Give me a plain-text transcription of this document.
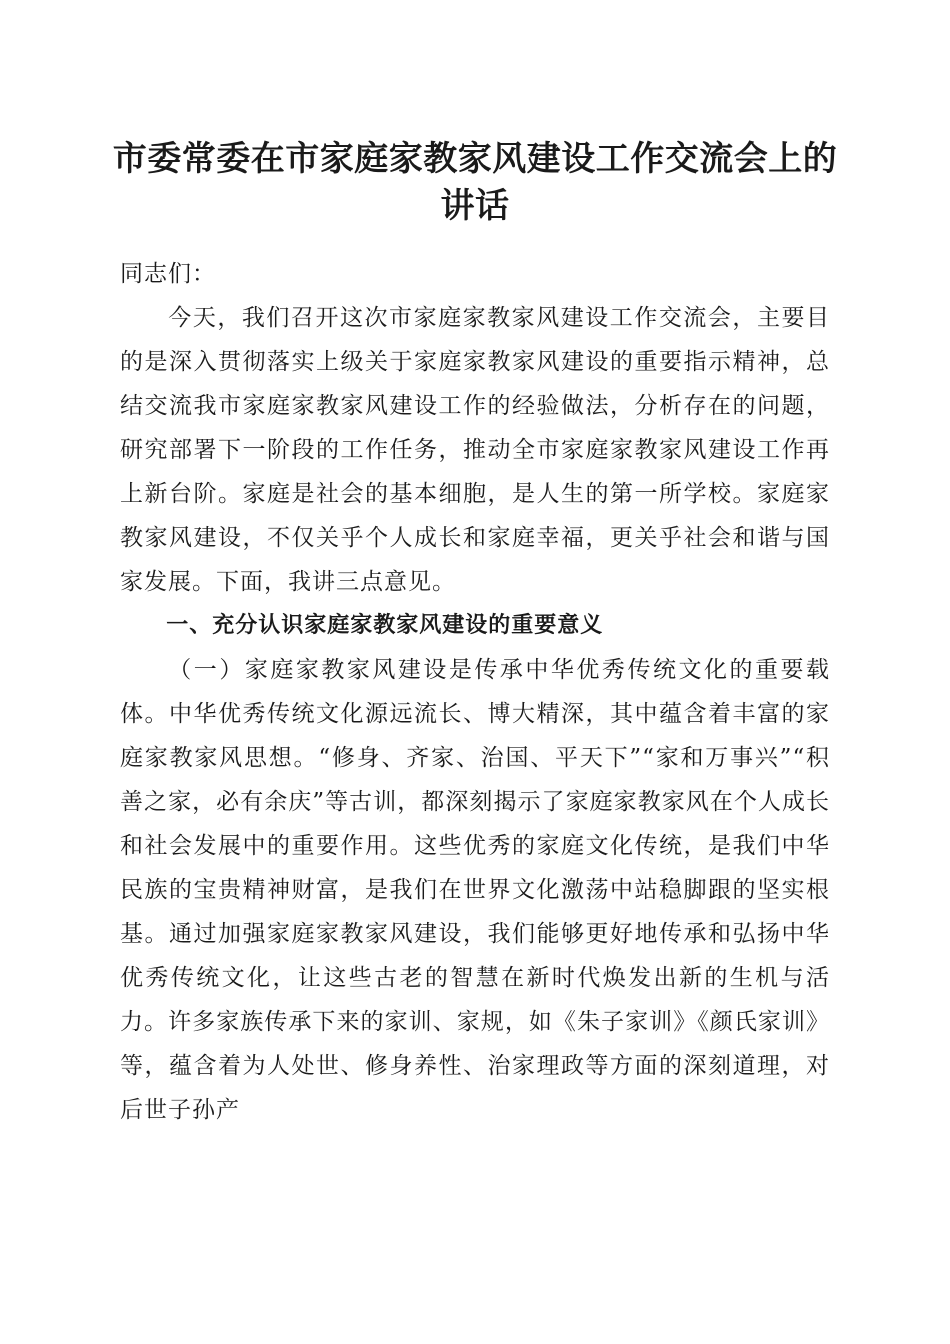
市委常委在市家庭家教家风建设工作交流会上的讲话

同志们：

今天，我们召开这次市家庭家教家风建设工作交流会，主要目的是深入贯彻落实上级关于家庭家教家风建设的重要指示精神，总结交流我市家庭家教家风建设工作的经验做法，分析存在的问题，研究部署下一阶段的工作任务，推动全市家庭家教家风建设工作再上新台阶。家庭是社会的基本细胞，是人生的第一所学校。家庭家教家风建设，不仅关乎个人成长和家庭幸福，更关乎社会和谐与国家发展。下面，我讲三点意见。

一、充分认识家庭家教家风建设的重要意义

（一）家庭家教家风建设是传承中华优秀传统文化的重要载体。中华优秀传统文化源远流长、博大精深，其中蕴含着丰富的家庭家教家风思想。“修身、齐家、治国、平天下”“家和万事兴”“积善之家，必有余庆”等古训，都深刻揭示了家庭家教家风在个人成长和社会发展中的重要作用。这些优秀的家庭文化传统，是我们中华民族的宝贵精神财富，是我们在世界文化激荡中站稳脚跟的坚实根基。通过加强家庭家教家风建设，我们能够更好地传承和弘扬中华优秀传统文化，让这些古老的智慧在新时代焕发出新的生机与活力。许多家族传承下来的家训、家规，如《朱子家训》《颜氏家训》等，蕴含着为人处世、修身养性、治家理政等方面的深刻道理，对后世子孙产
